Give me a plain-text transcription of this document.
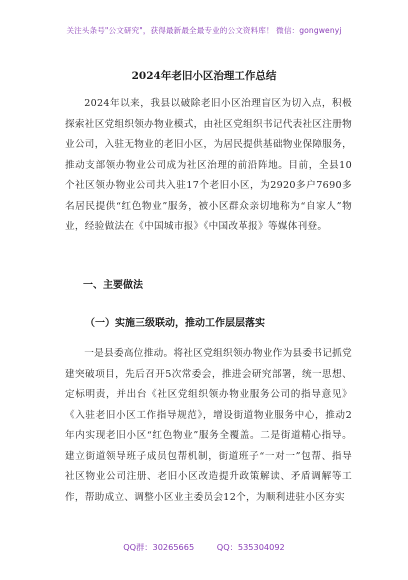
关注头条号"公文研究"，获得最新最全最专业的公文资料库！ 微信：gongwenyj
2024年老旧小区治理工作总结
2024年以来，我县以破除老旧小区治理盲区为切入点，积极探索社区党组织领办物业模式，由社区党组织书记代表社区注册物业公司，入驻无物业的老旧小区，为居民提供基础物业保障服务，推动支部领办物业公司成为社区治理的前沿阵地。目前，全县10个社区领办物业公司共入驻17个老旧小区，为2920多户7690多名居民提供“红色物业”服务，被小区群众亲切地称为“自家人”物业，经验做法在《中国城市报》《中国改革报》等媒体刊登。
一、主要做法
（一）实施三级联动，推动工作层层落实
一是县委高位推动。将社区党组织领办物业作为县委书记抓党建突破项目，先后召开5次常委会，推进会研究部署，统一思想、定标明责，并出台《社区党组织领办物业服务公司的指导意见》《入驻老旧小区工作指导规范》，增设街道物业服务中心，推动2年内实现老旧小区“红色物业”服务全覆盖。二是街道精心指导。建立街道领导班子成员包帮机制，街道班子“一对一”包帮、指导社区物业公司注册、老旧小区改造提升政策解读、矛盾调解等工作，帮助成立、调整小区业主委员会12个，为顺利进驻小区夯实
QQ群：30265665	QQ：535304092
